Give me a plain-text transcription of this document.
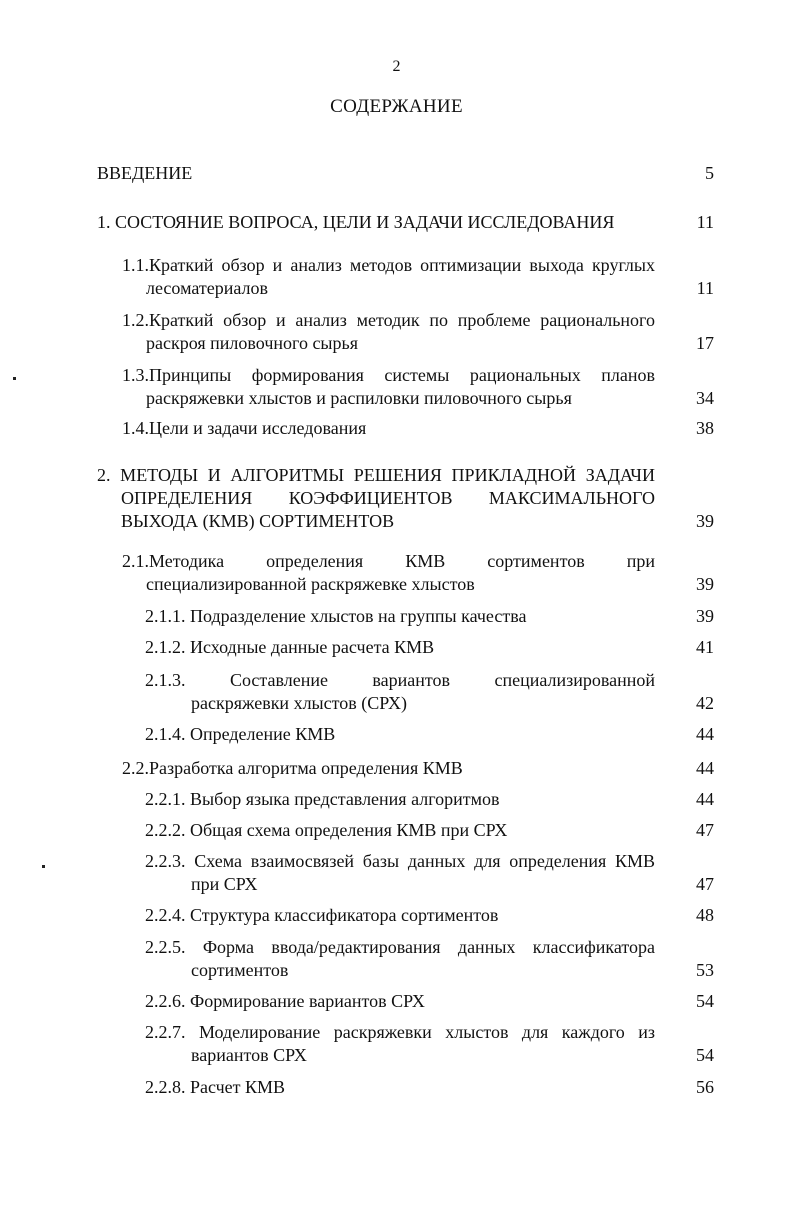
2
СОДЕРЖАНИЕ
ВВЕДЕНИЕ	5
1. СОСТОЯНИЕ ВОПРОСА, ЦЕЛИ И ЗАДАЧИ ИССЛЕДОВАНИЯ	11
1.1.Краткий обзор и анализ методов оптимизации выхода круглых
лесоматериалов	11
1.2.Краткий обзор и анализ методик по проблеме рационального
раскроя пиловочного сырья	17
1.3.Принципы формирования системы рациональных планов
раскряжевки хлыстов и распиловки пиловочного сырья	34
1.4.Цели и задачи исследования	38
2. МЕТОДЫ И АЛГОРИТМЫ РЕШЕНИЯ ПРИКЛАДНОЙ ЗАДАЧИ
ОПРЕДЕЛЕНИЯ КОЭФФИЦИЕНТОВ МАКСИМАЛЬНОГО
ВЫХОДА (КМВ) СОРТИМЕНТОВ	39
2.1.Методика определения КМВ сортиментов при
специализированной раскряжевке хлыстов	39
2.1.1. Подразделение хлыстов на группы качества	39
2.1.2. Исходные данные расчета КМВ	41
2.1.3. Составление вариантов специализированной
раскряжевки хлыстов (СРХ)	42
2.1.4. Определение КМВ	44
2.2.Разработка алгоритма определения КМВ	44
2.2.1. Выбор языка представления алгоритмов	44
2.2.2. Общая схема определения КМВ при СРХ	47
2.2.3. Схема взаимосвязей базы данных для определения КМВ
при СРХ	47
2.2.4. Структура классификатора сортиментов	48
2.2.5. Форма ввода/редактирования данных классификатора
сортиментов	53
2.2.6. Формирование вариантов СРХ	54
2.2.7. Моделирование раскряжевки хлыстов для каждого из
вариантов СРХ	54
2.2.8. Расчет КМВ	56
